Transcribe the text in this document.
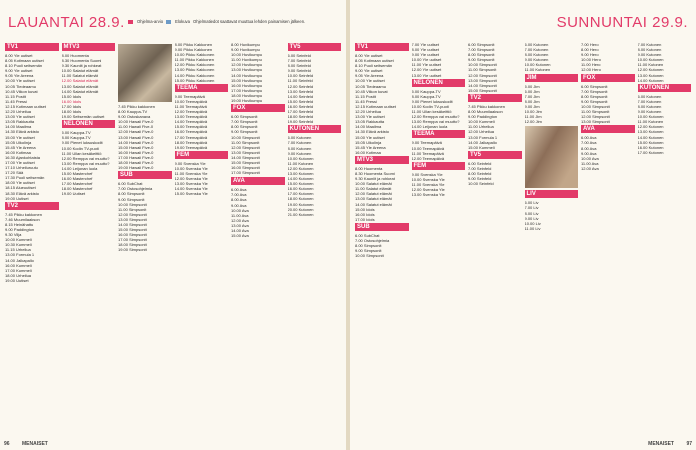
LAUANTAI 28.9.	Ohjelma-arvio	Elokuva Ohjelmatiedot saattavat muuttua lehden painamisen jälkeen.
TV1
8.00 Yle uutiset
8.05 Kotimaan uutiset
8.10 Puoli seitsemän
9.00 Yle uutiset
9.05 Yle Areena
10.00 Yle uutiset
10.05 Tiedeaamu
10.45 Viikon kuvat
11.15 Postit
11.45 Pressi
12.15 Kotimaan uutiset
12.20 Urheilua
13.00 Yle uutiset
13.05 Rakkautta
14.00 Maailma
14.30 Elävä arkisto
15.00 Yle uutiset
15.05 Ulkolinja
15.45 Yle Areena
16.00 Kotimaa
16.30 Ajankohtaista
17.00 Yle uutiset
17.10 Urheiluruutu
17.20 Sää
17.30 Puoli seitsemän
18.00 Yle uutiset
18.15 Alueuutiset
18.30 Elävä arkisto
19.00 Uutiset
TV2
7.45 Pikku kakkonen
7.46 Muumilaakson
8.15 Heinähattu
9.00 Paddington
9.30 Vilja
10.00 Kummeli
10.30 Kummeli
11.15 Urheilua
13.00 Formula 1
14.00 Jalkapallo
16.00 Kummeli
17.00 Kummeli
18.00 Urheilua
19.00 Uutiset
MTV3
8.00 Huomenta
8.30 Huomenta Suomi
9.30 Kauniit ja rohkeat
10.00 Salatut elämät
11.00 Salatut elämät
12.00 Salatut elämät
13.00 Salatut elämät
14.00 Salatut elämät
15.00 Idols
16.00 Idols
17.00 Idols
18.00 Idols
19.00 Seitsemän uutiset
NELONEN
5.00 Kauppa-TV
8.00 Kauppa-TV
9.00 Pienet luksuskodit
10.00 Kodin TV-puoti
11.00 Ullan kesäkeittiö
12.00 Remppa vai muutto?
13.00 Remppa vai muutto?
14.00 Leijonan luola
15.00 Masterchef
16.00 Masterchef
17.00 Masterchef
18.00 Masterchef
19.00 Uutiset
7.45 Pikku kakkonen
8.00 Kauppa-TV
9.00 Ostoskanava
10.00 Hawaii Five-0
11.00 Hawaii Five-0
12.00 Hawaii Five-0
13.00 Hawaii Five-0
14.00 Hawaii Five-0
15.00 Hawaii Five-0
16.00 Hawaii Five-0
17.00 Hawaii Five-0
18.00 Hawaii Five-0
19.00 Hawaii Five-0
SUB
6.00 SubChat
7.00 Ostosohjelmia
8.00 Simpsonit
9.00 Simpsonit
10.00 Simpsonit
11.00 Simpsonit
12.00 Simpsonit
13.00 Simpsonit
14.00 Simpsonit
15.00 Simpsonit
16.00 Simpsonit
17.00 Simpsonit
18.00 Simpsonit
19.00 Simpsonit
8.00 Pikku Kakkonen
9.00 Pikku Kakkonen
10.00 Pikku Kakkonen
11.00 Pikku Kakkonen
12.00 Pikku Kakkonen
13.00 Pikku Kakkonen
14.00 Pikku Kakkonen
15.00 Pikku Kakkonen
TEEMA
9.00 Teemapäivä
10.00 Teemapäivä
11.00 Teemapäivä
12.00 Teemapäivä
13.00 Teemapäivä
14.00 Teemapäivä
15.00 Teemapäivä
16.00 Teemapäivä
17.00 Teemapäivä
18.00 Teemapäivä
19.00 Teemapäivä
FEM
9.00 Svenska Yle
10.00 Svenska Yle
11.00 Svenska Yle
12.00 Svenska Yle
13.00 Svenska Yle
14.00 Svenska Yle
15.00 Svenska Yle
8.00 Huvikumpu
9.00 Huvikumpu
10.00 Huvikumpu
11.00 Huvikumpu
12.00 Huvikumpu
13.00 Huvikumpu
14.00 Huvikumpu
15.00 Huvikumpu
16.00 Huvikumpu
17.00 Huvikumpu
18.00 Huvikumpu
19.00 Huvikumpu
FOX
6.00 Simpsonit
7.00 Simpsonit
8.00 Simpsonit
9.00 Simpsonit
10.00 Simpsonit
11.00 Simpsonit
12.00 Simpsonit
13.00 Simpsonit
14.00 Simpsonit
15.00 Simpsonit
16.00 Simpsonit
17.00 Simpsonit
AVA
6.00 Ava
7.00 Ava
8.00 Ava
9.00 Ava
10.00 Ava
11.00 Ava
12.00 Ava
13.00 Ava
14.00 Ava
15.00 Ava
TV5
6.00 Seinfeld
7.00 Seinfeld
8.00 Seinfeld
9.00 Seinfeld
10.00 Seinfeld
11.00 Seinfeld
12.00 Seinfeld
13.00 Seinfeld
14.00 Seinfeld
15.00 Seinfeld
16.00 Seinfeld
17.00 Seinfeld
18.00 Seinfeld
19.00 Seinfeld
KUTONEN
6.00 Kutonen
7.00 Kutonen
8.00 Kutonen
9.00 Kutonen
10.00 Kutonen
11.00 Kutonen
12.00 Kutonen
13.00 Kutonen
14.00 Kutonen
15.00 Kutonen
16.00 Kutonen
17.00 Kutonen
18.00 Kutonen
19.00 Kutonen
20.00 Kutonen
21.00 Kutonen
96 MENAISET
SUNNUNTAI 29.9.
TV1
8.00 Yle uutiset
8.05 Kotimaan uutiset
8.10 Puoli seitsemän
9.00 Yle uutiset
9.05 Yle Areena
10.00 Yle uutiset
10.05 Tiedeaamu
10.45 Viikon kuvat
11.15 Postit
11.45 Pressi
12.15 Kotimaan uutiset
12.20 Urheilua
13.00 Yle uutiset
13.05 Rakkautta
14.00 Maailma
14.30 Elävä arkisto
15.00 Yle uutiset
15.05 Ulkolinja
15.45 Yle Areena
16.00 Kotimaa
MTV3
8.00 Huomenta
8.30 Huomenta Suomi
9.30 Kauniit ja rohkeat
10.00 Salatut elämät
11.00 Salatut elämät
12.00 Salatut elämät
13.00 Salatut elämät
14.00 Salatut elämät
15.00 Idols
16.00 Idols
17.00 Idols
SUB
6.00 SubChat
7.00 Ostosohjelmia
8.00 Simpsonit
9.00 Simpsonit
10.00 Simpsonit
7.00 Yle uutiset
8.00 Yle uutiset
9.00 Yle uutiset
10.00 Yle uutiset
11.00 Yle uutiset
12.00 Yle uutiset
13.00 Yle uutiset
NELONEN
5.00 Kauppa-TV
8.00 Kauppa-TV
9.00 Pienet luksuskodit
10.00 Kodin TV-puoti
11.00 Ullan kesäkeittiö
12.00 Remppa vai muutto?
13.00 Remppa vai muutto?
14.00 Leijonan luola
TEEMA
9.00 Teemapäivä
10.00 Teemapäivä
11.00 Teemapäivä
12.00 Teemapäivä
FEM
9.00 Svenska Yle
10.00 Svenska Yle
11.00 Svenska Yle
12.00 Svenska Yle
13.00 Svenska Yle
6.00 Simpsonit
7.00 Simpsonit
8.00 Simpsonit
9.00 Simpsonit
10.00 Simpsonit
11.00 Simpsonit
12.00 Simpsonit
13.00 Simpsonit
14.00 Simpsonit
15.00 Simpsonit
TV2
7.45 Pikku kakkonen
8.00 Muumilaakson
9.00 Paddington
10.00 Kummeli
11.00 Urheilua
12.00 Urheilua
13.00 Formula 1
14.00 Jalkapallo
15.00 Kummeli
TV5
6.00 Seinfeld
7.00 Seinfeld
8.00 Seinfeld
9.00 Seinfeld
10.00 Seinfeld
6.00 Kutonen
7.00 Kutonen
8.00 Kutonen
9.00 Kutonen
10.00 Kutonen
11.00 Kutonen
JIM
5.00 Jim
6.00 Jim
7.00 Jim
8.00 Jim
9.00 Jim
10.00 Jim
11.00 Jim
12.00 Jim
LIV
6.00 Liv
7.00 Liv
8.00 Liv
9.00 Liv
10.00 Liv
11.00 Liv
7.00 Hero
8.00 Hero
9.00 Hero
10.00 Hero
11.00 Hero
12.00 Hero
FOX
6.00 Simpsonit
7.00 Simpsonit
8.00 Simpsonit
9.00 Simpsonit
10.00 Simpsonit
11.00 Simpsonit
12.00 Simpsonit
13.00 Simpsonit
AVA
6.00 Ava
7.00 Ava
8.00 Ava
9.00 Ava
10.00 Ava
11.00 Ava
12.00 Ava
7.00 Kutonen
8.00 Kutonen
9.00 Kutonen
10.00 Kutonen
11.00 Kutonen
12.00 Kutonen
13.00 Kutonen
14.00 Kutonen
KUTONEN
6.00 Kutonen
7.00 Kutonen
8.00 Kutonen
9.00 Kutonen
10.00 Kutonen
11.00 Kutonen
12.00 Kutonen
13.00 Kutonen
14.00 Kutonen
15.00 Kutonen
16.00 Kutonen
17.00 Kutonen
MENAISET 97
